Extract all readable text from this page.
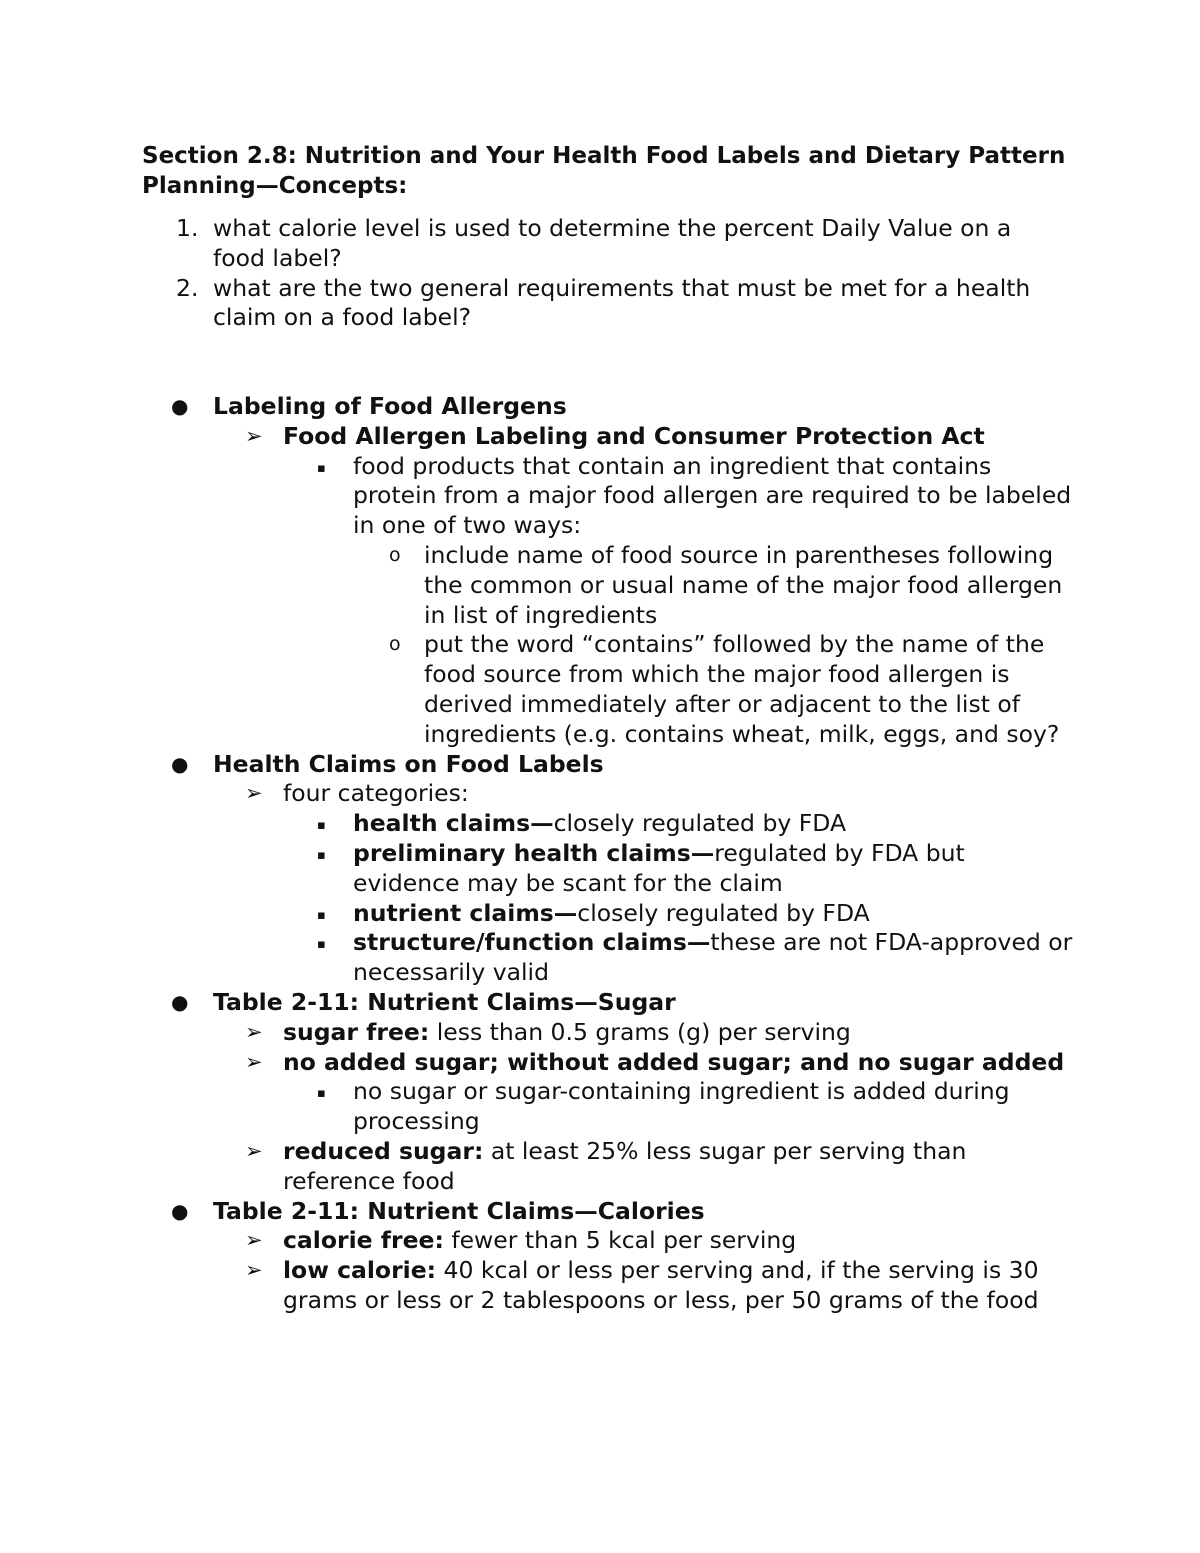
Section 2.8: Nutrition and Your Health Food Labels and Dietary Pattern Planning—Concepts:

1. what calorie level is used to determine the percent Daily Value on a food label?
2. what are the two general requirements that must be met for a health claim on a food label?
● Labeling of Food Allergens
➢ Food Allergen Labeling and Consumer Protection Act
▪ food products that contain an ingredient that contains protein from a major food allergen are required to be labeled in one of two ways:
o include name of food source in parentheses following the common or usual name of the major food allergen in list of ingredients
o put the word “contains” followed by the name of the food source from which the major food allergen is derived immediately after or adjacent to the list of ingredients (e.g. contains wheat, milk, eggs, and soy?
● Health Claims on Food Labels
➢ four categories:
▪ health claims—closely regulated by FDA
▪ preliminary health claims—regulated by FDA but evidence may be scant for the claim
▪ nutrient claims—closely regulated by FDA
▪ structure/function claims—these are not FDA-approved or necessarily valid
● Table 2-11: Nutrient Claims—Sugar
➢ sugar free: less than 0.5 grams (g) per serving
➢ no added sugar; without added sugar; and no sugar added
▪ no sugar or sugar-containing ingredient is added during processing
➢ reduced sugar: at least 25% less sugar per serving than reference food
● Table 2-11: Nutrient Claims—Calories
➢ calorie free: fewer than 5 kcal per serving
➢ low calorie: 40 kcal or less per serving and, if the serving is 30 grams or less or 2 tablespoons or less, per 50 grams of the food
